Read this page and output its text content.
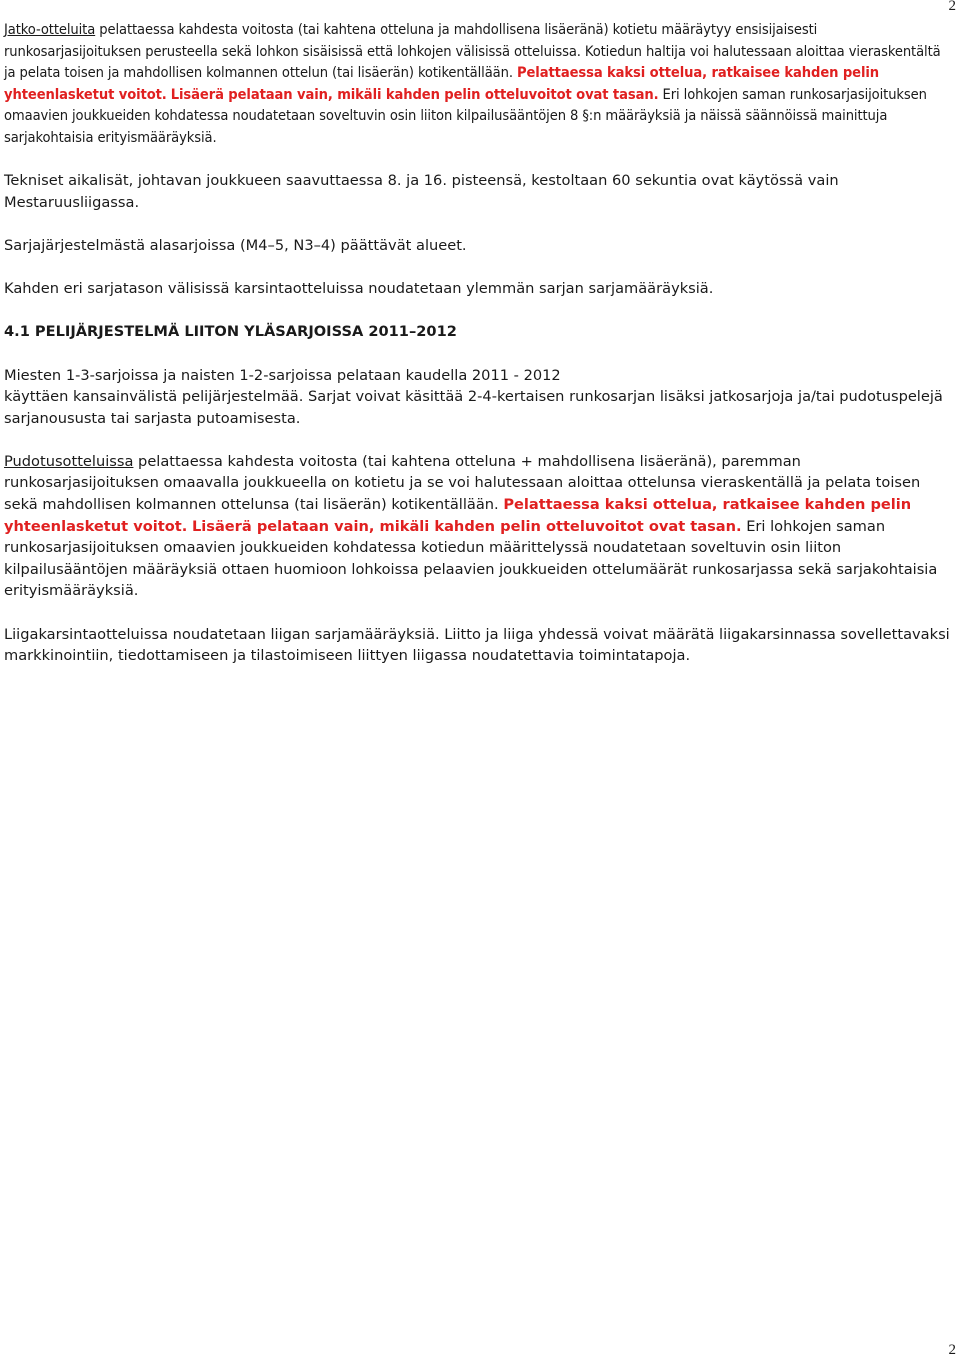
2

Jatko-otteluita pelattaessa kahdesta voitosta (tai kahtena otteluna ja mahdollisena lisäeränä) kotietu määräytyy ensisijaisesti runkosarjasijoituksen perusteella sekä lohkon sisäisissä että lohkojen välisissä otteluissa. Kotiedun haltija voi halutessaan aloittaa vieraskentältä ja pelata toisen ja mahdollisen kolmannen ottelun (tai lisäerän) kotikentällään. Pelattaessa kaksi ottelua, ratkaisee kahden pelin yhteenlasketut voitot. Lisäerä pelataan vain, mikäli kahden pelin otteluvoitot ovat tasan. Eri lohkojen saman runkosarjasijoituksen omaavien joukkueiden kohdatessa noudatetaan soveltuvin osin liiton kilpailusääntöjen 8 §:n määräyksiä ja näissä säännöissä mainittuja sarjakohtaisia erityismääräyksiä.

Tekniset aikalisät, johtavan joukkueen saavuttaessa 8. ja 16. pisteensä, kestoltaan 60 sekuntia ovat käytössä vain Mestaruusliigassa.

Sarjajärjestelmästä alasarjoissa (M4–5, N3–4) päättävät alueet.

Kahden eri sarjatason välisissä karsintaotteluissa noudatetaan ylemmän sarjan sarjamääräyksiä.

4.1 PELIJÄRJESTELMÄ LIITON YLÄSARJOISSA 2011–2012

Miesten 1-3-sarjoissa ja naisten 1-2-sarjoissa pelataan kaudella 2011 - 2012
käyttäen kansainvälistä pelijärjestelmää. Sarjat voivat käsittää 2-4-kertaisen runkosarjan lisäksi jatkosarjoja ja/tai pudotuspelejä sarjanoususta tai sarjasta putoamisesta.

Pudotusotteluissa pelattaessa kahdesta voitosta (tai kahtena otteluna + mahdollisena lisäeränä), paremman runkosarjasijoituksen omaavalla joukkueella on kotietu ja se voi halutessaan aloittaa ottelunsa vieraskentällä ja pelata toisen sekä mahdollisen kolmannen ottelunsa (tai lisäerän) kotikentällään. Pelattaessa kaksi ottelua, ratkaisee kahden pelin yhteenlasketut voitot. Lisäerä pelataan vain, mikäli kahden pelin otteluvoitot ovat tasan. Eri lohkojen saman runkosarjasijoituksen omaavien joukkueiden kohdatessa kotiedun määrittelyssä noudatetaan soveltuvin osin liiton kilpailusääntöjen määräyksiä ottaen huomioon lohkoissa pelaavien joukkueiden ottelumäärät runkosarjassa sekä sarjakohtaisia erityismääräyksiä.

Liigakarsintaotteluissa noudatetaan liigan sarjamääräyksiä. Liitto ja liiga yhdessä voivat määrätä liigakarsinnassa sovellettavaksi markkinointiin, tiedottamiseen ja tilastoimiseen liittyen liigassa noudatettavia toimintatapoja.

2
